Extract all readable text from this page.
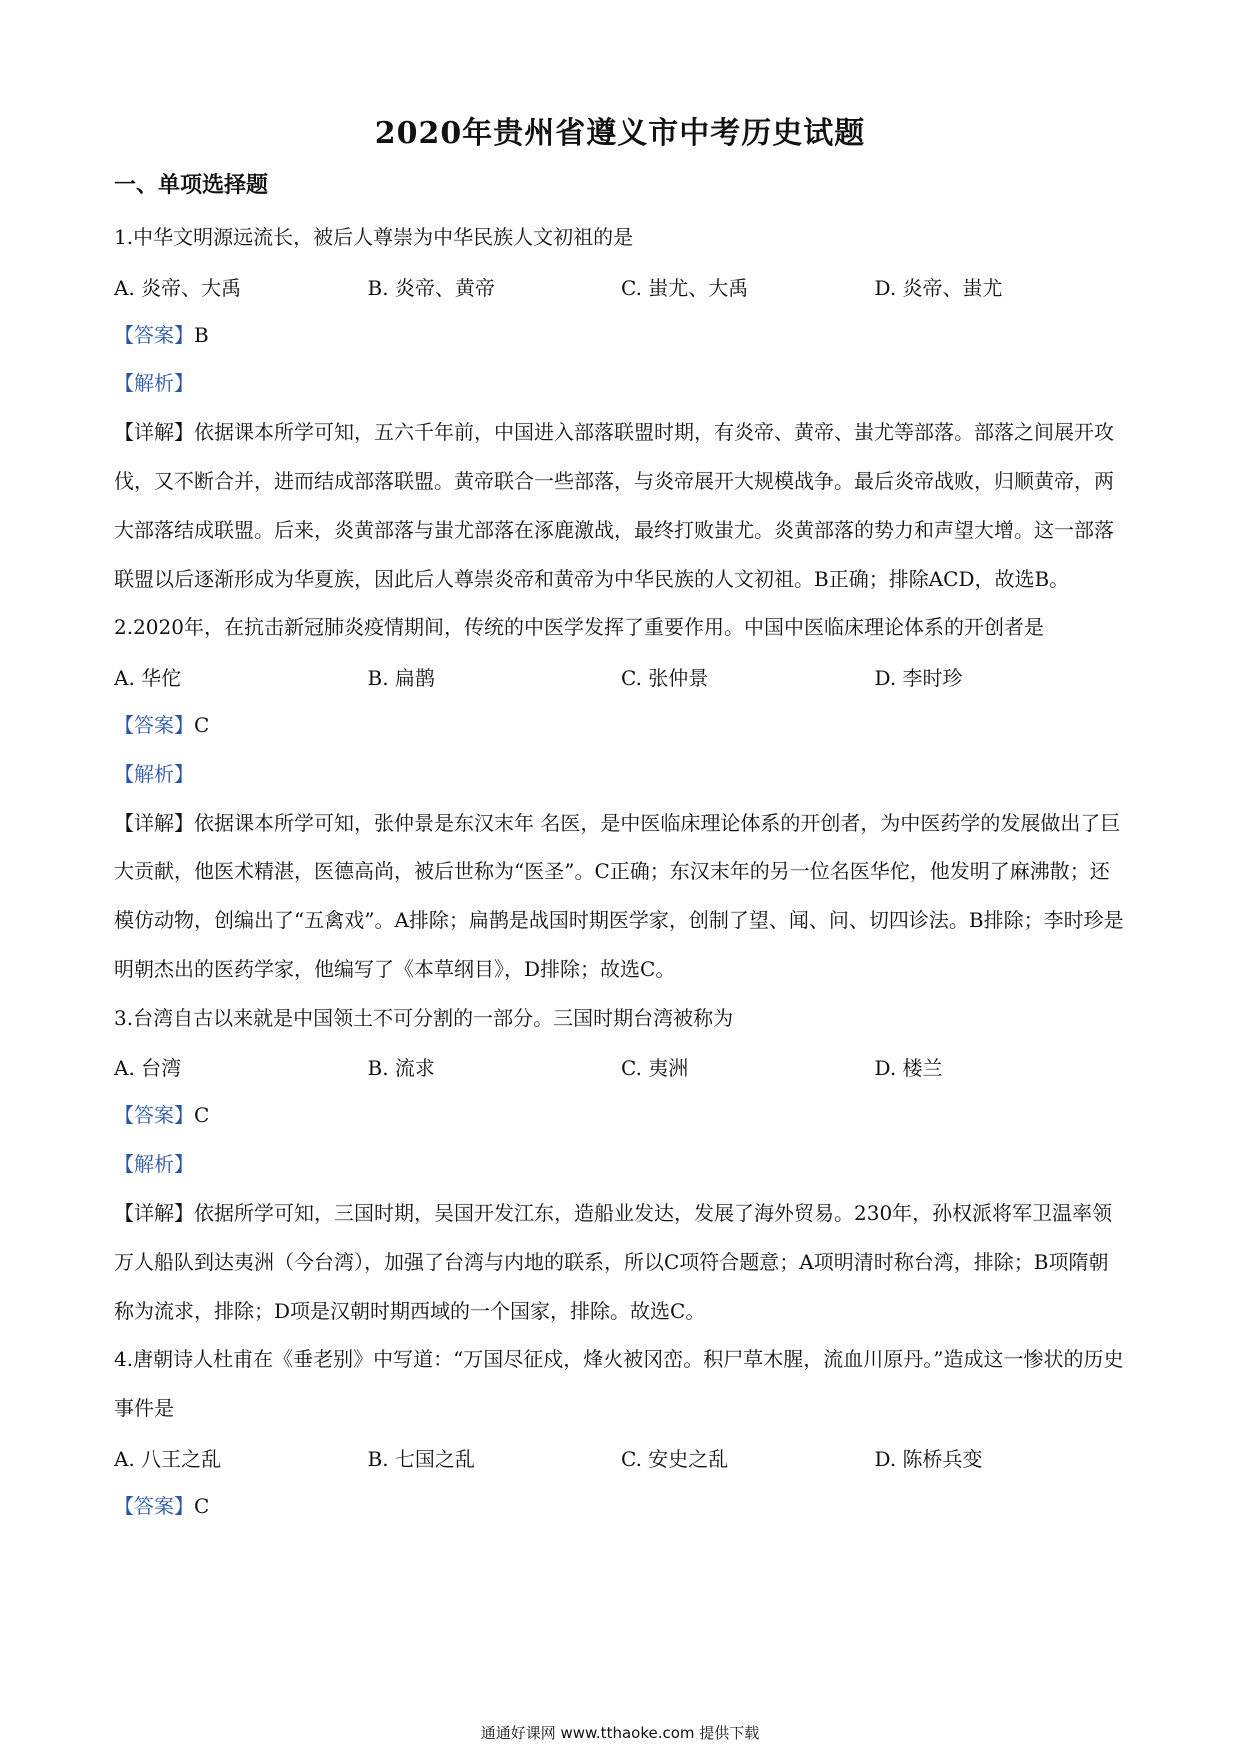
2020年贵州省遵义市中考历史试题
一、单项选择题
1.中华文明源远流长，被后人尊崇为中华民族人文初祖的是
A. 炎帝、大禹	B. 炎帝、黄帝	C. 蚩尤、大禹	D. 炎帝、蚩尤
【答案】B
【解析】
【详解】依据课本所学可知，五六千年前，中国进入部落联盟时期，有炎帝、黄帝、蚩尤等部落。部落之间展开攻伐，又不断合并，进而结成部落联盟。黄帝联合一些部落，与炎帝展开大规模战争。最后炎帝战败，归顺黄帝，两大部落结成联盟。后来，炎黄部落与蚩尤部落在涿鹿激战，最终打败蚩尤。炎黄部落的势力和声望大增。这一部落联盟以后逐渐形成为华夏族，因此后人尊崇炎帝和黄帝为中华民族的人文初祖。B正确；排除ACD，故选B。
2.2020年，在抗击新冠肺炎疫情期间，传统的中医学发挥了重要作用。中国中医临床理论体系的开创者是
A. 华佗	B. 扁鹊	C. 张仲景	D. 李时珍
【答案】C
【解析】
【详解】依据课本所学可知，张仲景是东汉末年 名医，是中医临床理论体系的开创者，为中医药学的发展做出了巨大贡献，他医术精湛，医德高尚，被后世称为“医圣”。C正确；东汉末年的另一位名医华佗，他发明了麻沸散；还模仿动物，创编出了“五禽戏”。A排除；扁鹊是战国时期医学家，创制了望、闻、问、切四诊法。B排除；李时珍是明朝杰出的医药学家，他编写了《本草纲目》，D排除；故选C。
3.台湾自古以来就是中国领土不可分割的一部分。三国时期台湾被称为
A. 台湾	B. 流求	C. 夷洲	D. 楼兰
【答案】C
【解析】
【详解】依据所学可知，三国时期，吴国开发江东，造船业发达，发展了海外贸易。230年，孙权派将军卫温率领万人船队到达夷洲（今台湾），加强了台湾与内地的联系，所以C项符合题意；A项明清时称台湾，排除；B项隋朝称为流求，排除；D项是汉朝时期西域的一个国家，排除。故选C。
4.唐朝诗人杜甫在《垂老别》中写道：“万国尽征戍，烽火被冈峦。积尸草木腥，流血川原丹。”造成这一惨状的历史事件是
A. 八王之乱	B. 七国之乱	C. 安史之乱	D. 陈桥兵变
【答案】C
通通好课网 www.tthaoke.com 提供下载
